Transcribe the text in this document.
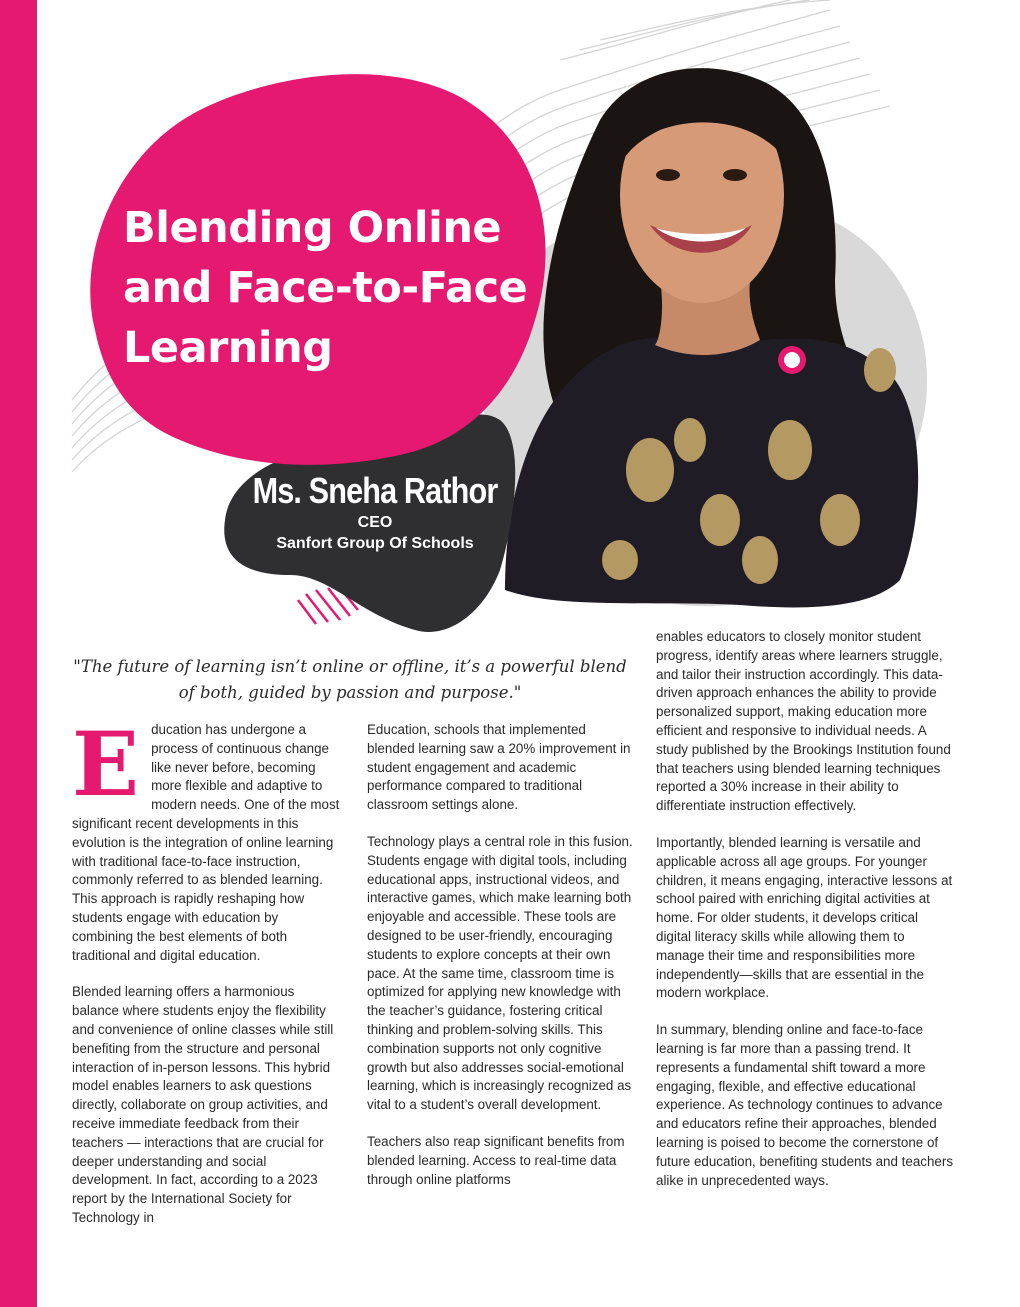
Blending Online
and Face-to-Face
Learning
Ms. Sneha Rathor
CEO
Sanfort Group Of Schools
"The future of learning isn’t online or offline, it’s a powerful blend of both, guided by passion and purpose."

Education has undergone a process of continuous change like never before, becoming more flexible and adaptive to modern needs. One of the most significant recent developments in this evolution is the integration of online learning with traditional face-to-face instruction, commonly referred to as blended learning. This approach is rapidly reshaping how students engage with education by combining the best elements of both traditional and digital education.

Blended learning offers a harmonious balance where students enjoy the flexibility and convenience of online classes while still benefiting from the structure and personal interaction of in-person lessons. This hybrid model enables learners to ask questions directly, collaborate on group activities, and receive immediate feedback from their teachers — interactions that are crucial for deeper understanding and social development. In fact, according to a 2023 report by the International Society for Technology in

Education, schools that implemented blended learning saw a 20% improvement in student engagement and academic performance compared to traditional classroom settings alone.

Technology plays a central role in this fusion. Students engage with digital tools, including educational apps, instructional videos, and interactive games, which make learning both enjoyable and accessible. These tools are designed to be user-friendly, encouraging students to explore concepts at their own pace. At the same time, classroom time is optimized for applying new knowledge with the teacher’s guidance, fostering critical thinking and problem-solving skills. This combination supports not only cognitive growth but also addresses social-emotional learning, which is increasingly recognized as vital to a student’s overall development.

Teachers also reap significant benefits from blended learning. Access to real-time data through online platforms

enables educators to closely monitor student progress, identify areas where learners struggle, and tailor their instruction accordingly. This data-driven approach enhances the ability to provide personalized support, making education more efficient and responsive to individual needs. A study published by the Brookings Institution found that teachers using blended learning techniques reported a 30% increase in their ability to differentiate instruction effectively.

Importantly, blended learning is versatile and applicable across all age groups. For younger children, it means engaging, interactive lessons at school paired with enriching digital activities at home. For older students, it develops critical digital literacy skills while allowing them to manage their time and responsibilities more independently—skills that are essential in the modern workplace.

In summary, blending online and face-to-face learning is far more than a passing trend. It represents a fundamental shift toward a more engaging, flexible, and effective educational experience. As technology continues to advance and educators refine their approaches, blended learning is poised to become the cornerstone of future education, benefiting students and teachers alike in unprecedented ways.
